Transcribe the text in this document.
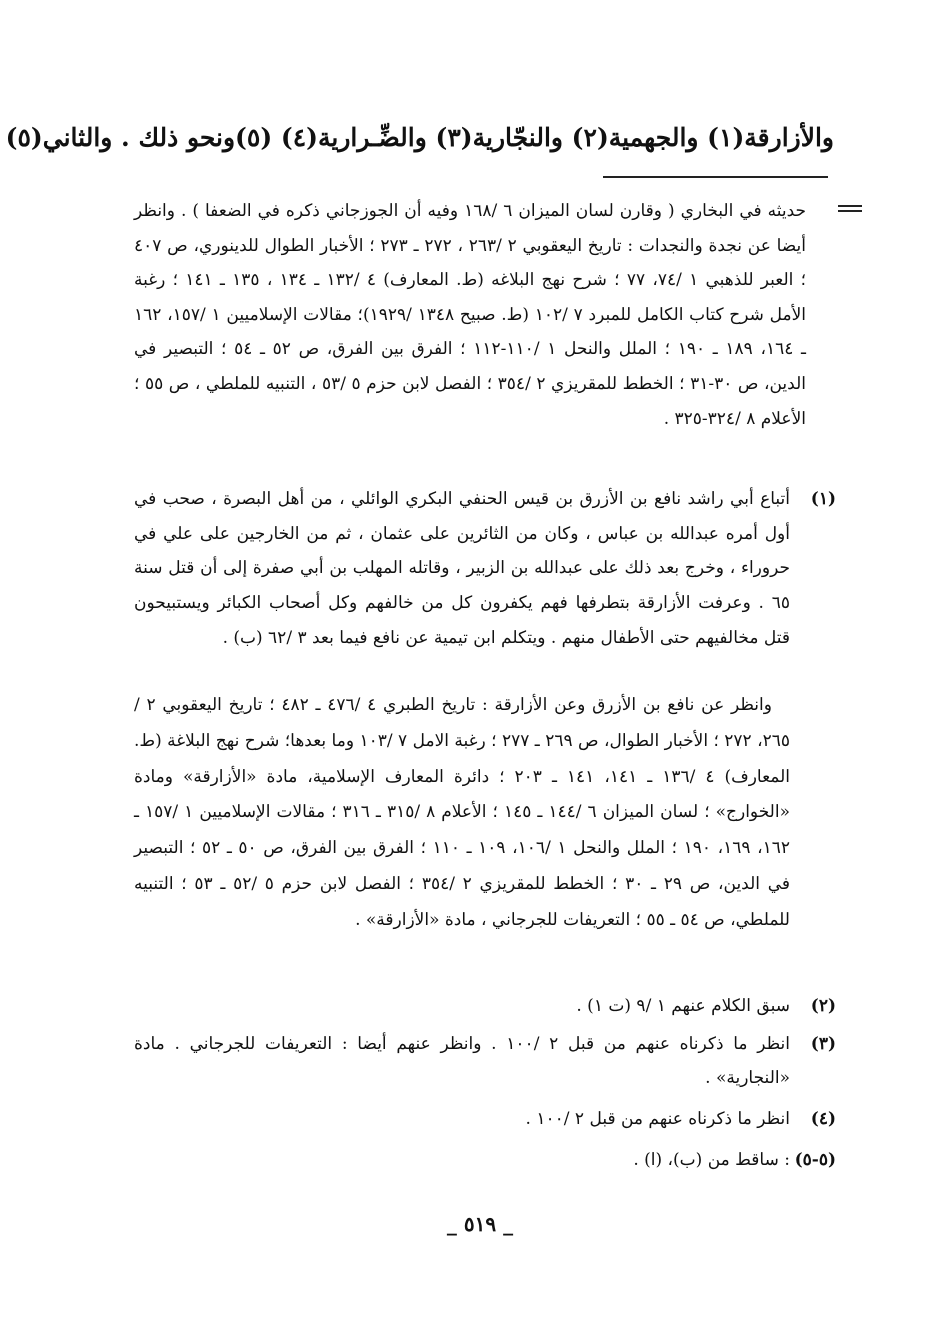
والأزارقة(١) والجهمية(٢) والنجّارية(٣) والضِّـرارية(٤) (٥)ونحو ذلك . والثاني(٥)
حديثه في البخاري ( وقارن لسان الميزان ٦ /١٦٨ وفيه أن الجوزجاني ذكره في الضعفا ) . وانظر أيضا عن نجدة والنجدات : تاريخ اليعقوبي ٢ /٢٦٣ ، ٢٧٢ ـ ٢٧٣ ؛ الأخبار الطوال للدينوري، ص ٤٠٧ ؛ العبر للذهبي ١ /٧٤، ٧٧ ؛ شرح نهج البلاغه (ط. المعارف) ٤ /١٣٢ ـ ١٣٤ ، ١٣٥ ـ ١٤١ ؛ رغبة الأمل شرح كتاب الكامل للمبرد ٧ /١٠٢ (ط. صبيح ١٣٤٨ /١٩٢٩)؛ مقالات الإسلاميين ١ /١٥٧، ١٦٢ ـ ١٦٤، ١٨٩ ـ ١٩٠ ؛ الملل والنحل ١ /١١٠-١١٢ ؛ الفرق بين الفرق، ص ٥٢ ـ ٥٤ ؛ التبصير في الدين، ص ٣٠-٣١ ؛ الخطط للمقريزي ٢ /٣٥٤ ؛ الفصل لابن حزم ٥ /٥٣ ، التنبيه للملطي ، ص ٥٥ ؛ الأعلام ٨ /٣٢٤-٣٢٥ .
(١)
أتباع أبي راشد نافع بن الأزرق بن قيس الحنفي البكري الوائلي ، من أهل البصرة ، صحب في أول أمره عبدالله بن عباس ، وكان من الثائرين على عثمان ، ثم من الخارجين على علي في حروراء ، وخرج بعد ذلك على عبدالله بن الزبير ، وقاتله المهلب بن أبي صفرة إلى أن قتل سنة ٦٥ . وعرفت الأزارقة بتطرفها فهم يكفرون كل من خالفهم وكل أصحاب الكبائر ويستبيحون قتل مخالفيهم حتى الأطفال منهم . ويتكلم ابن تيمية عن نافع فيما بعد ٣ /٦٢ (ب) .
وانظر عن نافع بن الأزرق وعن الأزارقة : تاريخ الطبري ٤ /٤٧٦ ـ ٤٨٢ ؛ تاريخ اليعقوبي ٢ /٢٦٥، ٢٧٢ ؛ الأخبار الطوال، ص ٢٦٩ ـ ٢٧٧ ؛ رغبة الامل ٧ /١٠٣ وما بعدها؛ شرح نهج البلاغة (ط. المعارف) ٤ /١٣٦ ـ ١٤١، ١٤١ ـ ٢٠٣ ؛ دائرة المعارف الإسلامية، مادة «الأزارقة» ومادة «الخوارج» ؛ لسان الميزان ٦ /١٤٤ ـ ١٤٥ ؛ الأعلام ٨ /٣١٥ ـ ٣١٦ ؛ مقالات الإسلاميين ١ /١٥٧ ـ ١٦٢، ١٦٩، ١٩٠ ؛ الملل والنحل ١ /١٠٦، ١٠٩ ـ ١١٠ ؛ الفرق بين الفرق، ص ٥٠ ـ ٥٢ ؛ التبصير في الدين، ص ٢٩ ـ ٣٠ ؛ الخطط للمقريزي ٢ /٣٥٤ ؛ الفصل لابن حزم ٥ /٥٢ ـ ٥٣ ؛ التنبيه للملطي، ص ٥٤ ـ ٥٥ ؛ التعريفات للجرجاني ، مادة «الأزارقة» .
(٢)
سبق الكلام عنهم ١ /٩ (ت ١) .
(٣)
انظر ما ذكرناه عنهم من قبل ٢ /١٠٠ . وانظر عنهم أيضا : التعريفات للجرجاني . مادة «النجارية» .
(٤)
انظر ما ذكرناه عنهم من قبل ٢ /١٠٠ .
(٥-٥)
: ساقط من (ب)، (ا) .
_ ٥١٩ _
